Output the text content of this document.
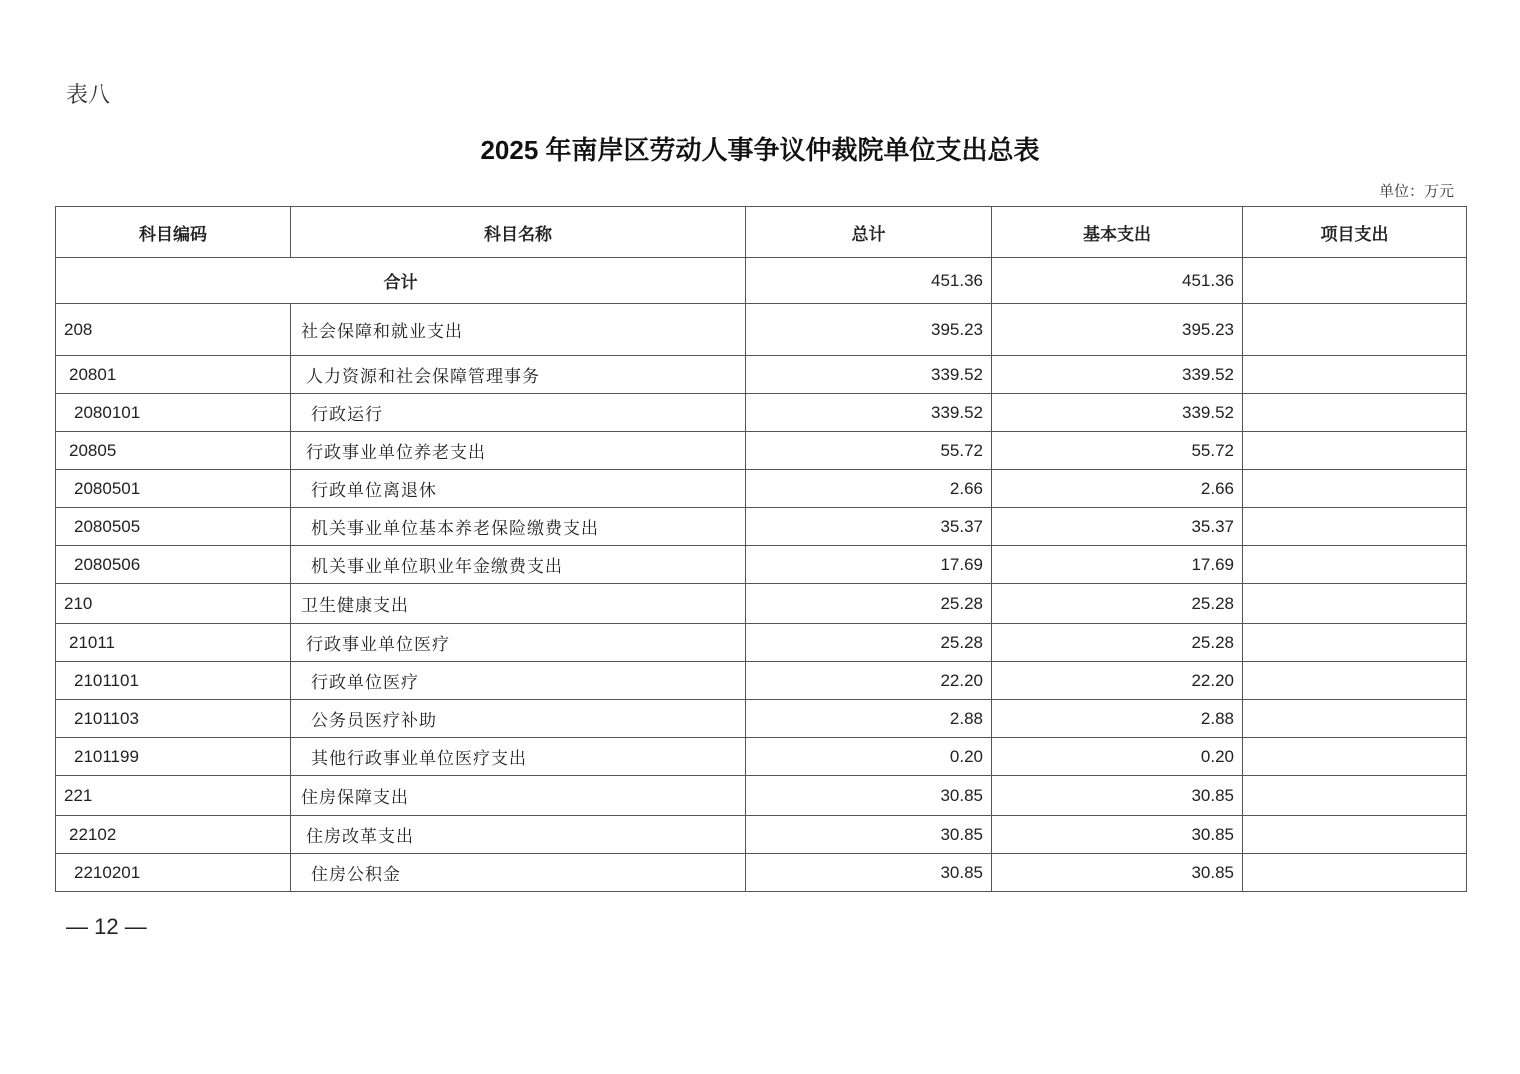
表八
2025 年南岸区劳动人事争议仲裁院单位支出总表
单位：万元
科目编码	科目名称	总计	基本支出	项目支出
合计		451.36	451.36	
208	社会保障和就业支出	395.23	395.23	
20801	人力资源和社会保障管理事务	339.52	339.52	
2080101	行政运行	339.52	339.52	
20805	行政事业单位养老支出	55.72	55.72	
2080501	行政单位离退休	2.66	2.66	
2080505	机关事业单位基本养老保险缴费支出	35.37	35.37	
2080506	机关事业单位职业年金缴费支出	17.69	17.69	
210	卫生健康支出	25.28	25.28	
21011	行政事业单位医疗	25.28	25.28	
2101101	行政单位医疗	22.20	22.20	
2101103	公务员医疗补助	2.88	2.88	
2101199	其他行政事业单位医疗支出	0.20	0.20	
221	住房保障支出	30.85	30.85	
22102	住房改革支出	30.85	30.85	
2210201	住房公积金	30.85	30.85	
— 12 —
